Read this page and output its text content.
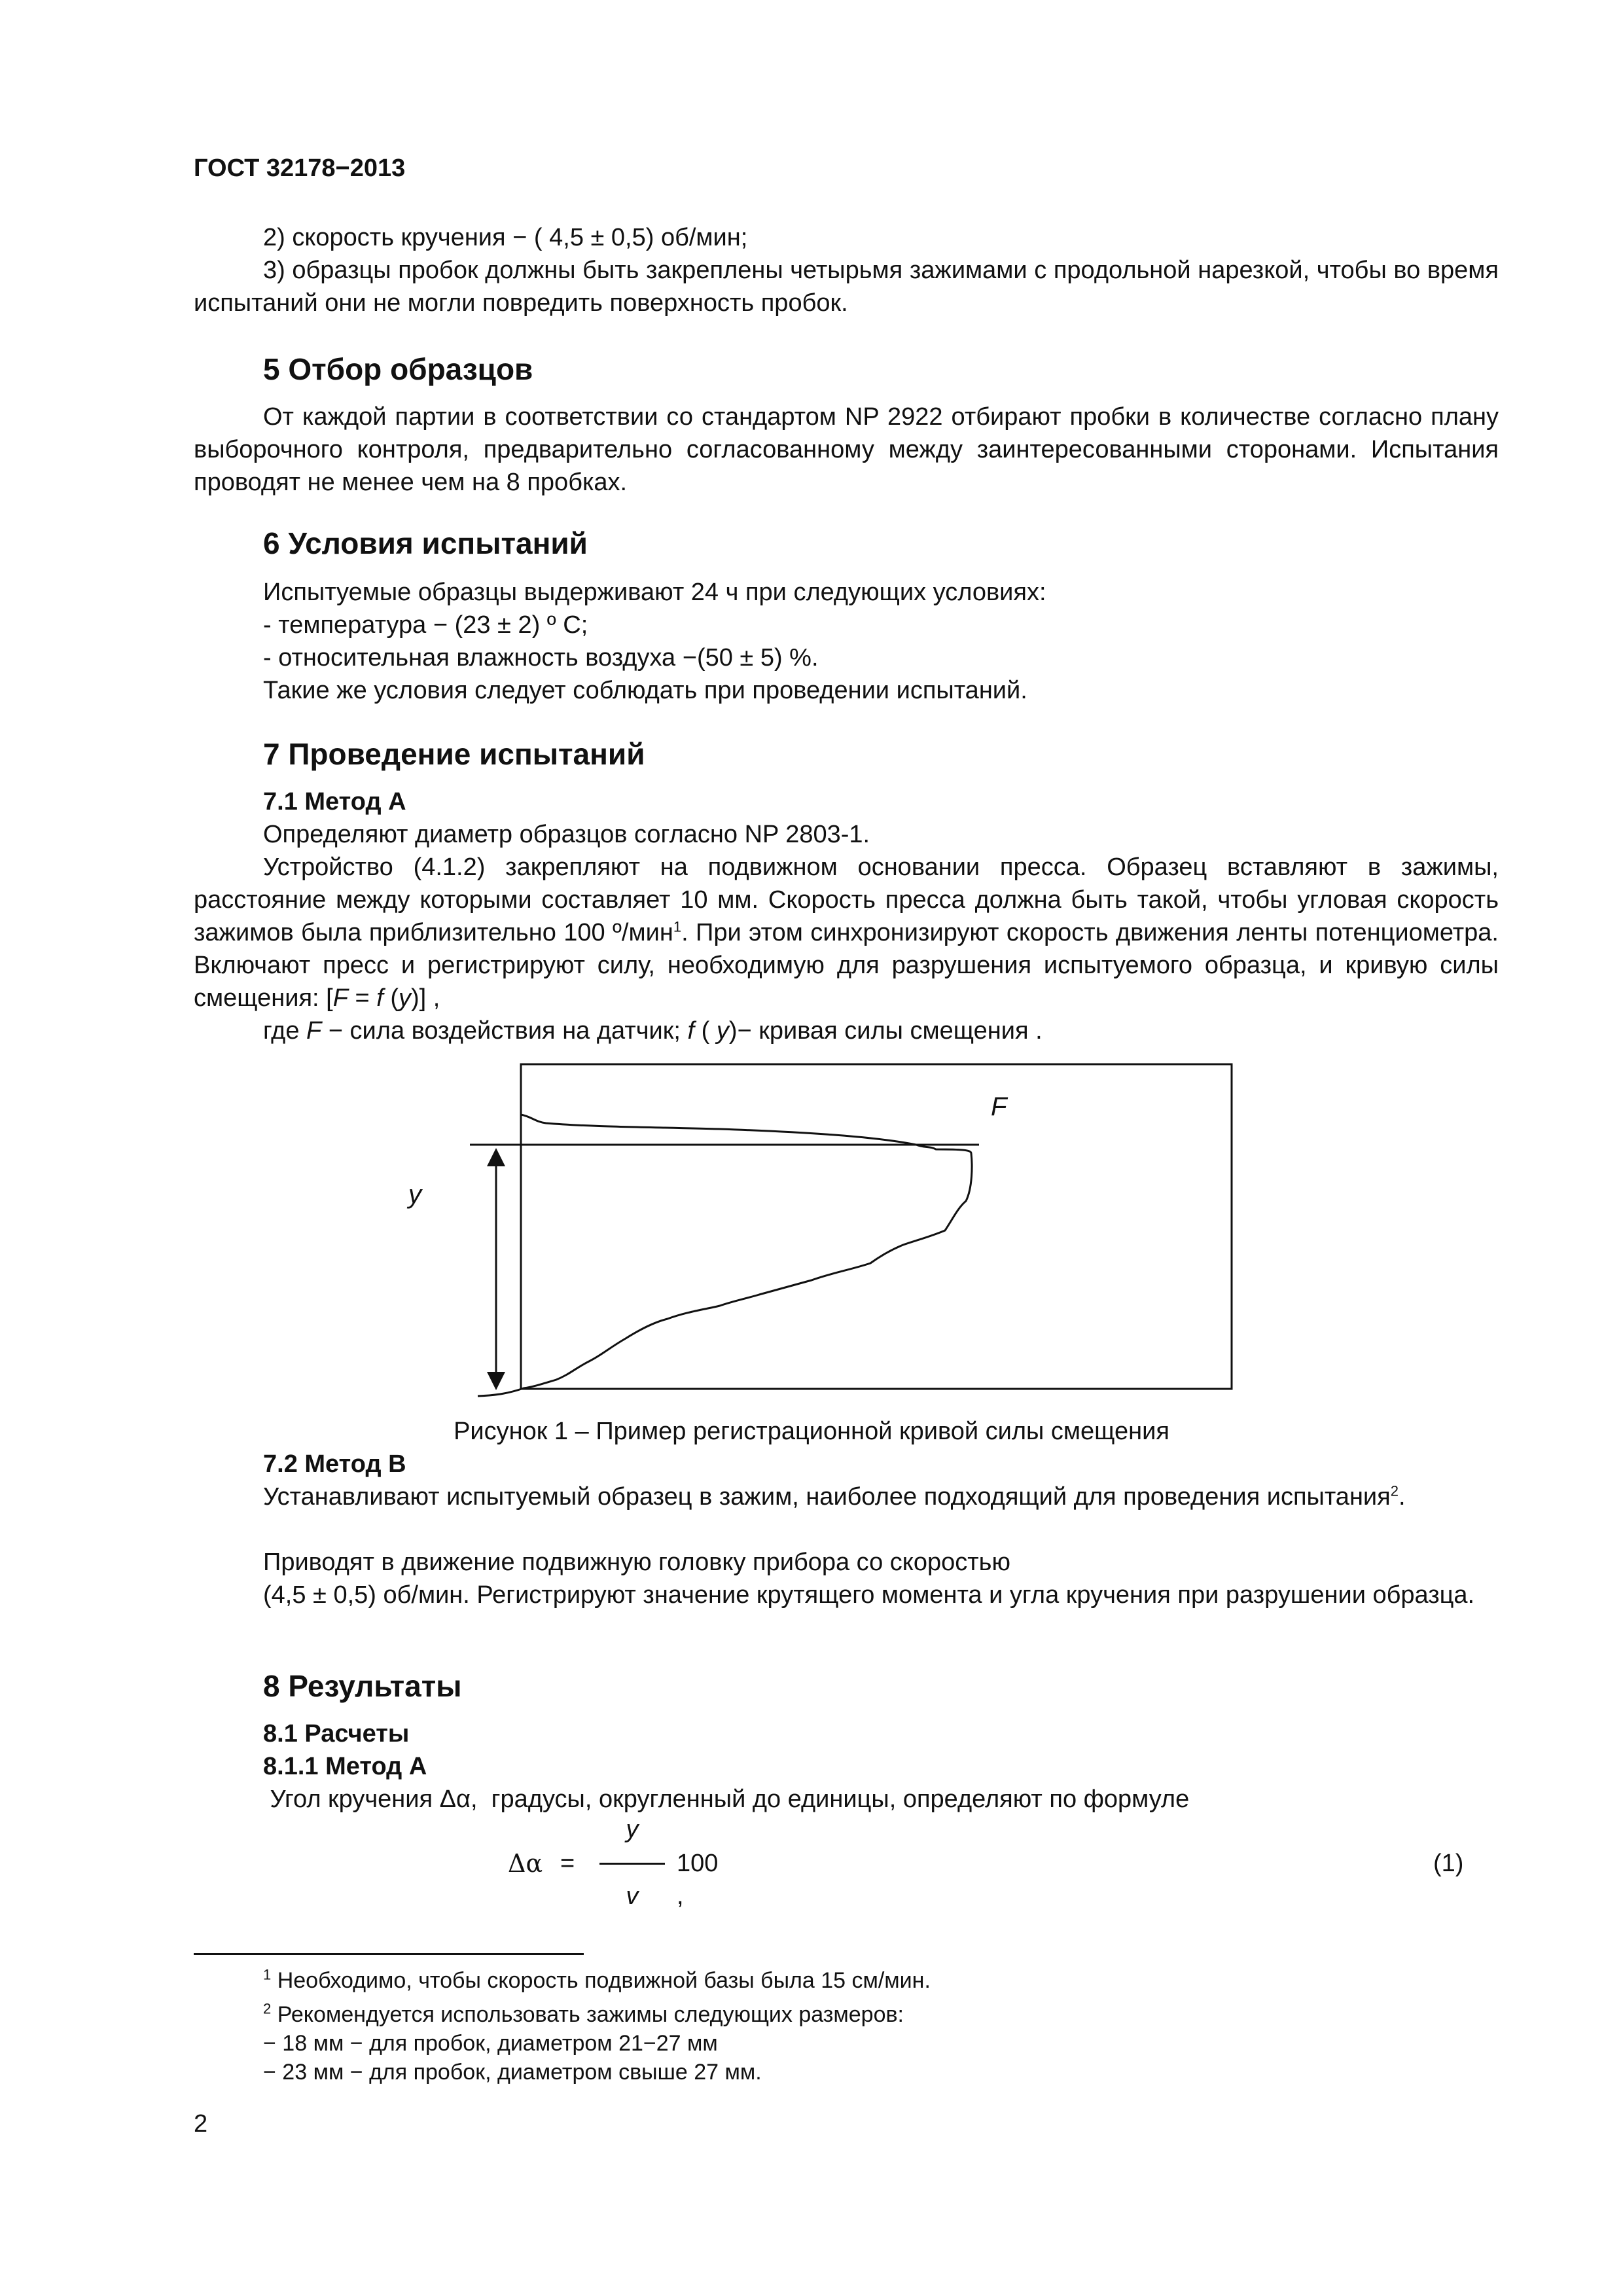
ГОСТ 32178−2013
2) скорость кручения − ( 4,5 ± 0,5) об/мин;
3) образцы пробок должны быть закреплены четырьмя зажимами с продольной нарезкой, чтобы во время испытаний они не могли повредить поверхность пробок.
5 Отбор образцов
От каждой партии в соответствии со стандартом NP 2922 отбирают пробки в количестве согласно плану выборочного контроля, предварительно согласованному между заинтересованными сторонами. Испытания проводят не менее чем на 8 пробках.
6 Условия испытаний
Испытуемые образцы выдерживают 24 ч при следующих условиях:
- температура − (23 ± 2) º С;
- относительная влажность воздуха −(50 ± 5) %.
Такие же условия следует соблюдать при проведении испытаний.
7 Проведение испытаний
7.1 Метод А
Определяют диаметр образцов согласно NP 2803-1.
Устройство (4.1.2) закрепляют на подвижном основании пресса. Образец вставляют в зажимы, расстояние между которыми составляет 10 мм. Скорость пресса должна быть такой, чтобы угловая скорость зажимов была приблизительно 100 º/мин$^1$. При этом синхронизируют скорость движения ленты потенциометра. Включают пресс и регистрируют силу, необходимую для разрушения испытуемого образца, и кривую силы смещения: [F = f (y)] ,
где F − сила воздействия на датчик; f ( y)− кривая силы смещения .
F
y
Рисунок 1 – Пример регистрационной кривой силы смещения
7.2 Метод В
Устанавливают испытуемый образец в зажим, наиболее подходящий для проведения испытания$^2$.
Приводят в движение подвижную головку прибора со скоростью
(4,5 ± 0,5) об/мин. Регистрируют значение крутящего момента и угла кручения при разрушении образца.
8 Результаты
8.1 Расчеты
8.1.1 Метод А
Угол кручения Δα,  градусы, округленный до единицы, определяют по формуле
Δα =
y
v
100 ,
(1)
$^1$ Необходимо, чтобы скорость подвижной базы была 15 см/мин.
$^2$ Рекомендуется использовать зажимы следующих размеров:
− 18 мм − для пробок, диаметром 21−27 мм
− 23 мм − для пробок, диаметром свыше 27 мм.
2
